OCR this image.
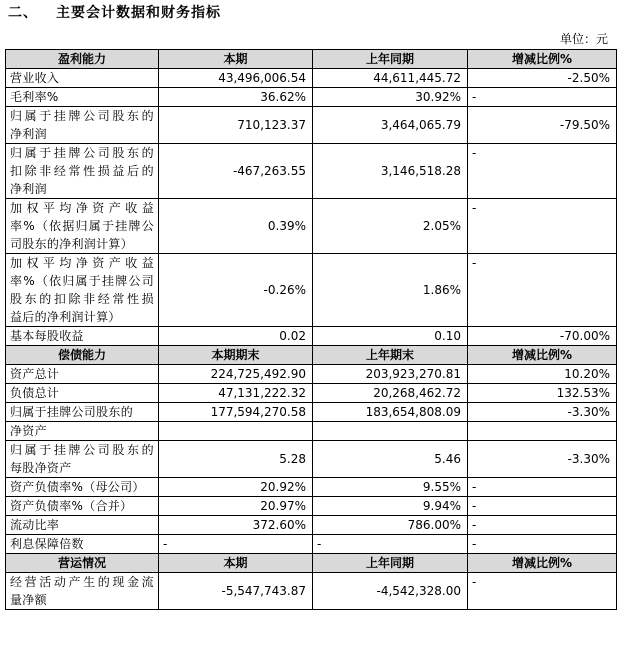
二、 主要会计数据和财务指标
单位：元
盈利能力	本期	上年同期	增减比例%

营业收入	43,496,006.54	44,611,445.72	-2.50%

毛利率%	36.62%	30.92%	-

归属于挂牌公司股东的
净利润	710,123.37	3,464,065.79	-79.50%

归属于挂牌公司股东的
扣除非经常性损益后的
净利润	-467,263.55	3,146,518.28	-

加权平均净资产收益
率%（依据归属于挂牌公
司股东的净利润计算）	0.39%	2.05%	-

加权平均净资产收益
率%（依归属于挂牌公司
股东的扣除非经常性损
益后的净利润计算）	-0.26%	1.86%	-

基本每股收益	0.02	0.10	-70.00%
偿债能力	本期期末	上年期末	增减比例%

资产总计	224,725,492.90	203,923,270.81	10.20%

负债总计	47,131,222.32	20,268,462.72	132.53%

归属于挂牌公司股东的	177,594,270.58	183,654,808.09	-3.30%

净资产			

归属于挂牌公司股东的
每股净资产	5.28	5.46	-3.30%

资产负债率%（母公司）	20.92%	9.55%	-

资产负债率%（合并）	20.97%	9.94%	-

流动比率	372.60%	786.00%	-

利息保障倍数	-	-	-
营运情况	本期	上年同期	增减比例%

经营活动产生的现金流
量净额	-5,547,743.87	-4,542,328.00	-
